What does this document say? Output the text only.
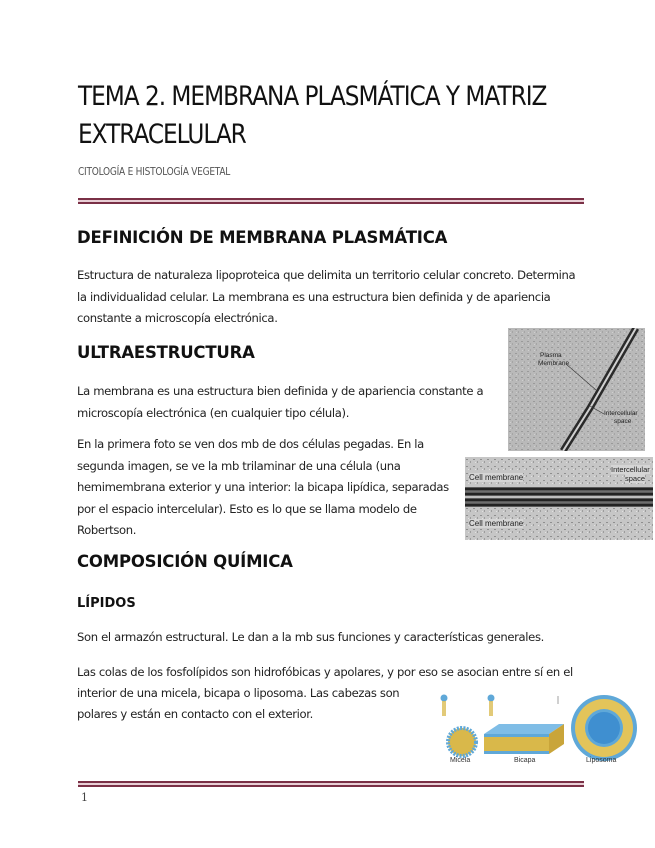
TEMA 2. MEMBRANA PLASMÁTICA Y MATRIZ
EXTRACELULAR
CITOLOGÍA E HISTOLOGÍA VEGETAL
DEFINICIÓN DE MEMBRANA PLASMÁTICA

Estructura de naturaleza lipoproteica que delimita un territorio celular concreto. Determina la individualidad celular. La membrana es una estructura bien definida y de apariencia constante a microscopía electrónica.

ULTRAESTRUCTURA

La membrana es una estructura bien definida y de apariencia constante a microscopía electrónica (en cualquier tipo célula).

En la primera foto se ven dos mb de dos células pegadas. En la segunda imagen, se ve la mb trilaminar de una célula (una hemimembrana exterior y una interior: la bicapa lipídica, separadas por el espacio intercelular). Esto es lo que se llama modelo de Robertson.

Plasma
Membrane
Intercellular
space
Cell membrane
Intercellular
space
Cell membrane
COMPOSICIÓN QUÍMICA
LÍPIDOS

Son el armazón estructural. Le dan a la mb sus funciones y características generales.

Las colas de los fosfolípidos son hidrofóbicas y apolares, y por eso se asocian entre sí en el

interior de una micela, bicapa o liposoma. Las cabezas son

polares y están en contacto con el exterior.

Micela	Bicapa	Liposoma
1
